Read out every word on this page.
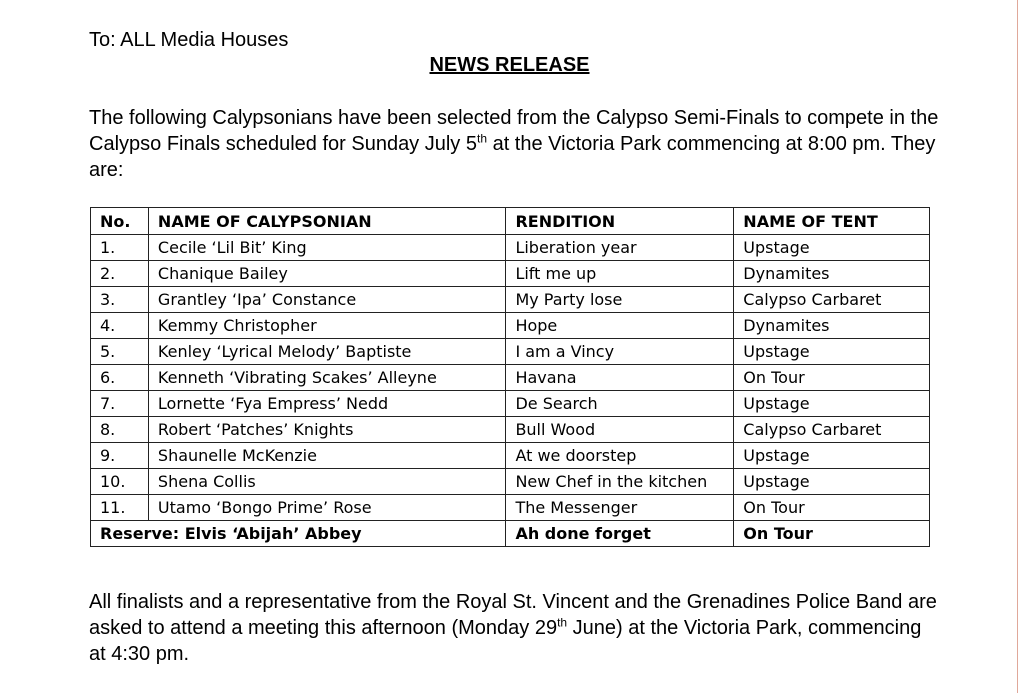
To: ALL Media Houses
NEWS RELEASE
The following Calypsonians have been selected from the Calypso Semi-Finals to compete in the Calypso Finals scheduled for Sunday July 5th at the Victoria Park commencing at 8:00 pm. They are:
No.	NAME OF CALYPSONIAN	RENDITION	NAME OF TENT
1.	Cecile ‘Lil Bit’ King	Liberation year	Upstage
2.	Chanique Bailey	Lift me up	Dynamites
3.	Grantley ‘Ipa’ Constance	My Party lose	Calypso Carbaret
4.	Kemmy Christopher	Hope	Dynamites
5.	Kenley ‘Lyrical Melody’ Baptiste	I am a Vincy	Upstage
6.	Kenneth ‘Vibrating Scakes’ Alleyne	Havana	On Tour
7.	Lornette ‘Fya Empress’ Nedd	De Search	Upstage
8.	Robert ‘Patches’ Knights	Bull Wood	Calypso Carbaret
9.	Shaunelle McKenzie	At we doorstep	Upstage
10.	Shena Collis	New Chef in the kitchen	Upstage
11.	Utamo ‘Bongo Prime’ Rose	The Messenger	On Tour
Reserve: Elvis ‘Abijah’ Abbey		Ah done forget	On Tour
All finalists and a representative from the Royal St. Vincent and the Grenadines Police Band are asked to attend a meeting this afternoon (Monday 29th June) at the Victoria Park, commencing at 4:30 pm.
